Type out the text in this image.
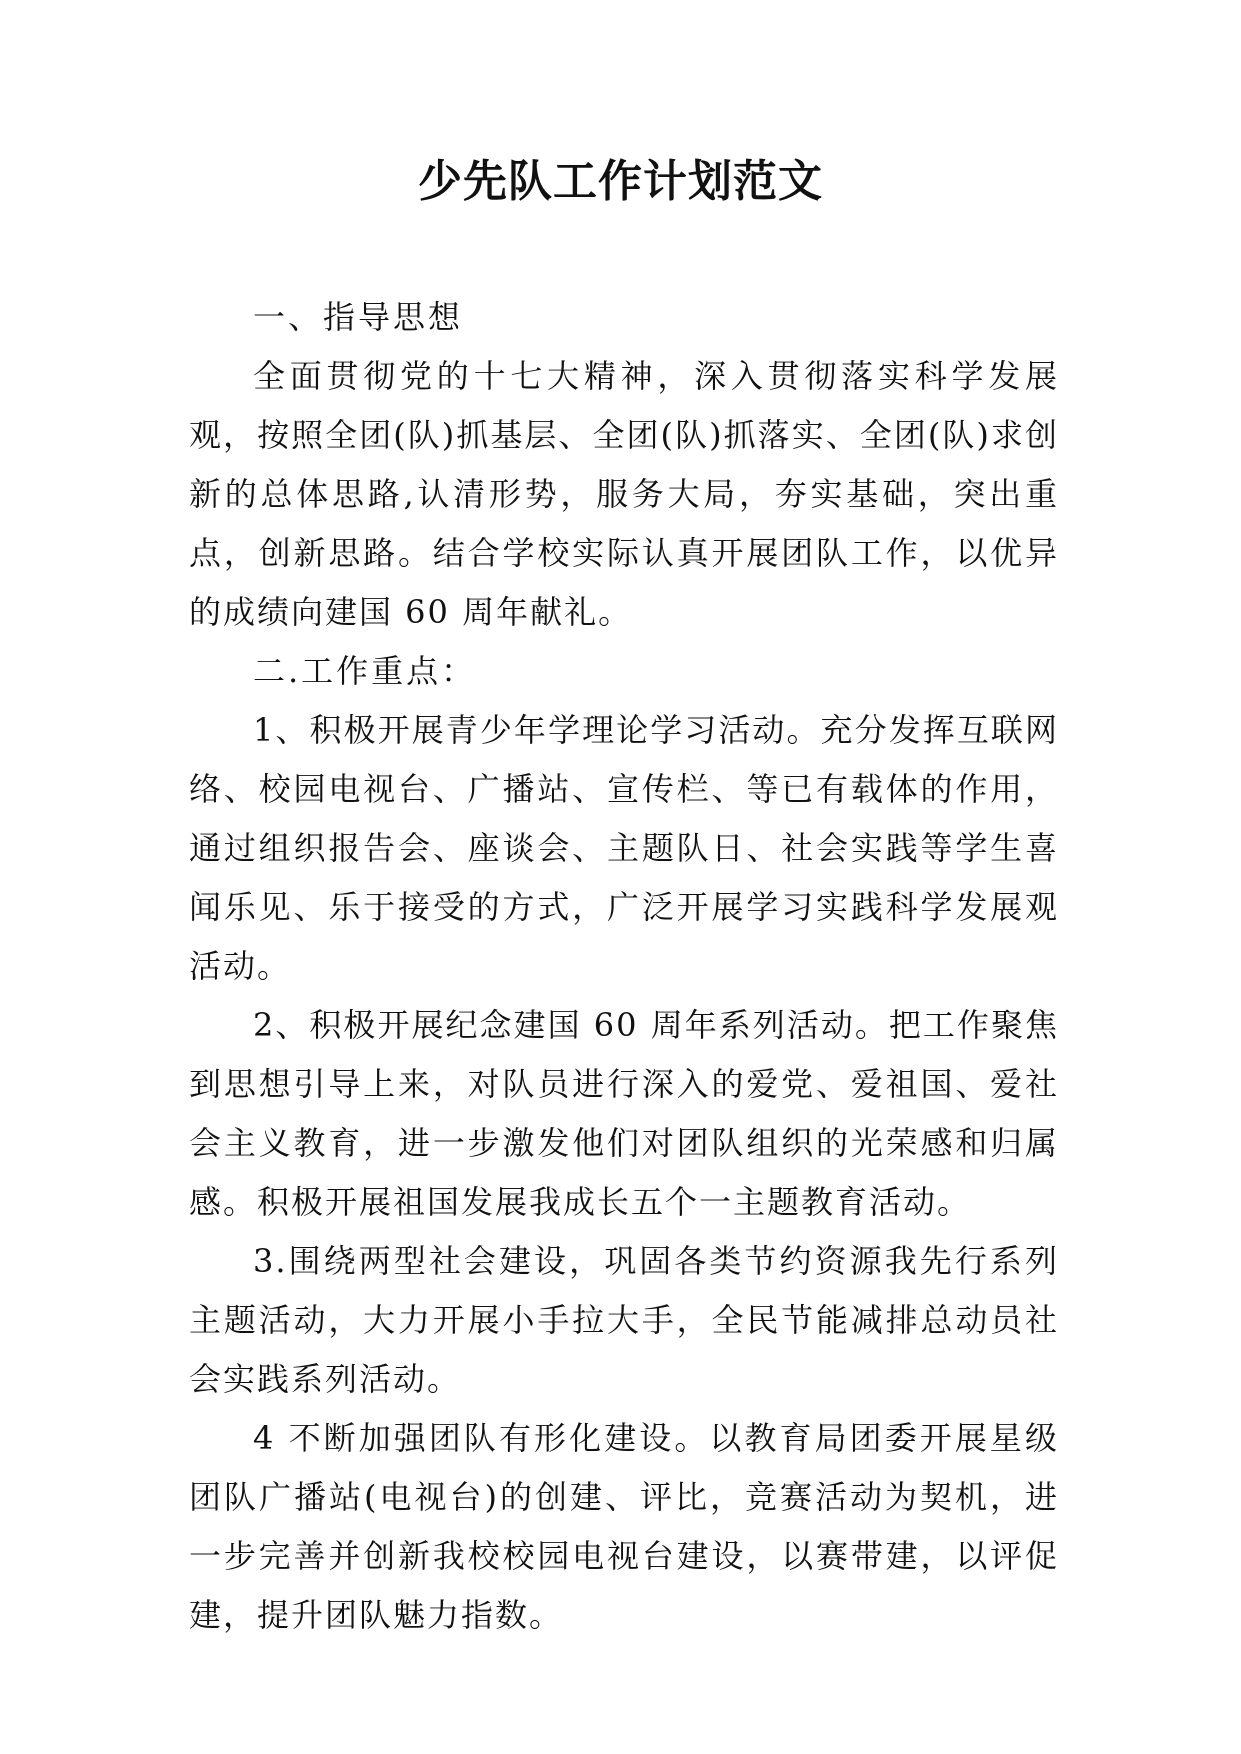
少先队工作计划范文

一、指导思想

全面贯彻党的十七大精神，深入贯彻落实科学发展观，按照全团(队)抓基层、全团(队)抓落实、全团(队)求创新的总体思路,认清形势，服务大局，夯实基础，突出重点，创新思路。结合学校实际认真开展团队工作，以优异的成绩向建国 60 周年献礼。

二.工作重点：

1、积极开展青少年学理论学习活动。充分发挥互联网络、校园电视台、广播站、宣传栏、等已有载体的作用，通过组织报告会、座谈会、主题队日、社会实践等学生喜闻乐见、乐于接受的方式，广泛开展学习实践科学发展观活动。

2、积极开展纪念建国 60 周年系列活动。把工作聚焦到思想引导上来，对队员进行深入的爱党、爱祖国、爱社会主义教育，进一步激发他们对团队组织的光荣感和归属感。积极开展祖国发展我成长五个一主题教育活动。

3.围绕两型社会建设，巩固各类节约资源我先行系列主题活动，大力开展小手拉大手，全民节能减排总动员社会实践系列活动。

4 不断加强团队有形化建设。以教育局团委开展星级团队广播站(电视台)的创建、评比，竞赛活动为契机，进一步完善并创新我校校园电视台建设，以赛带建，以评促建，提升团队魅力指数。
